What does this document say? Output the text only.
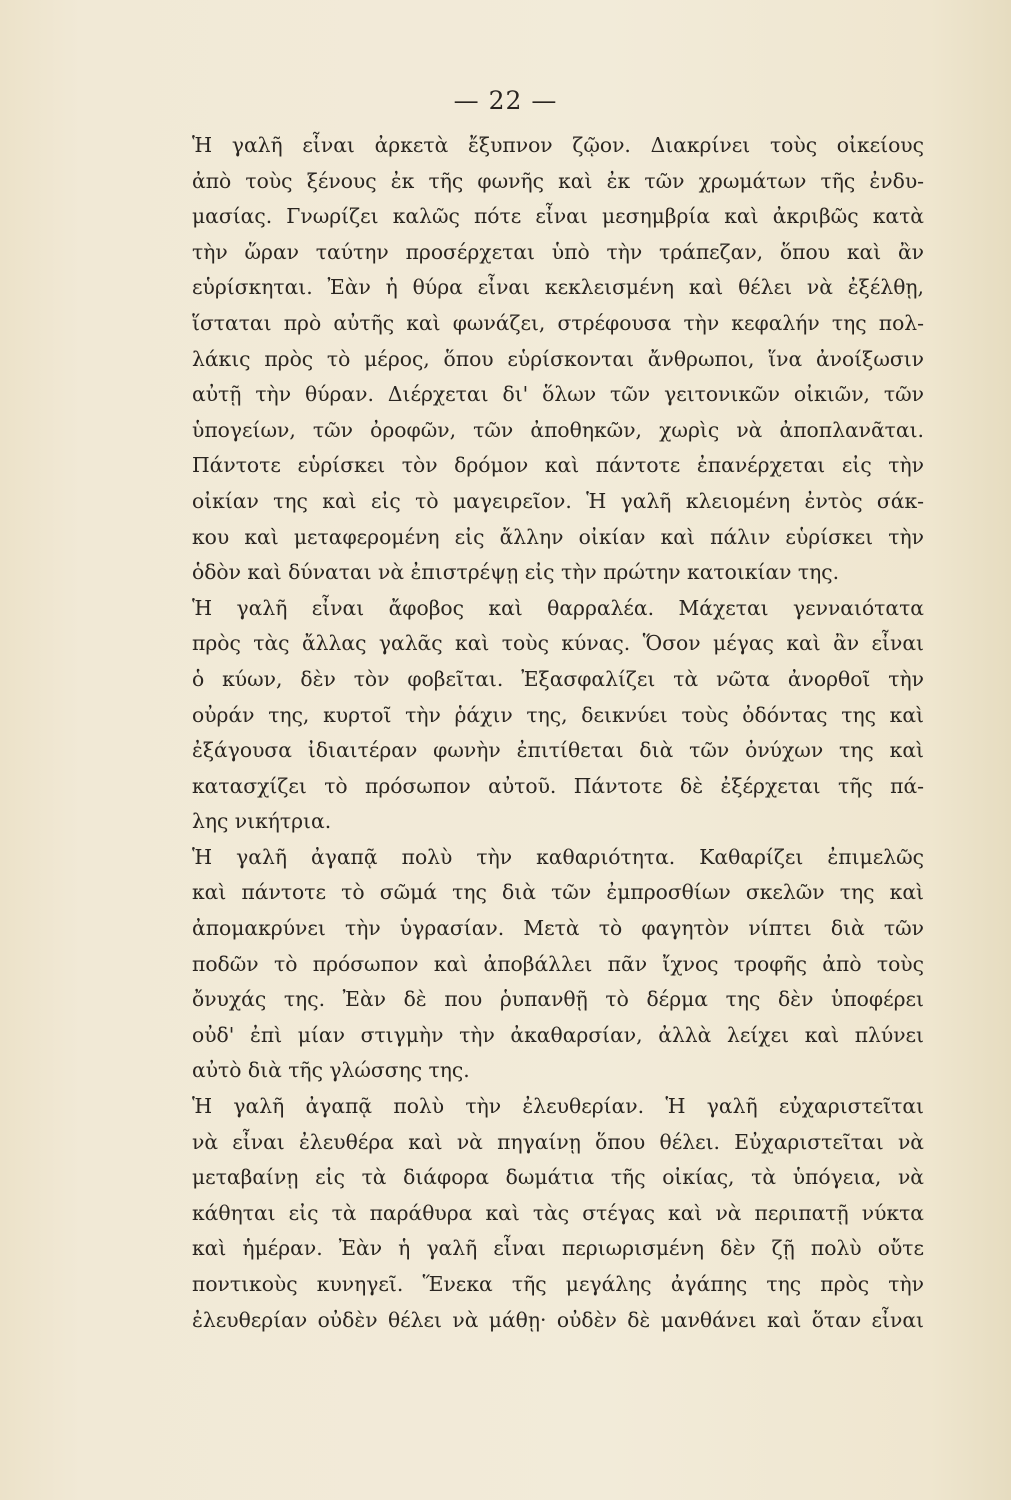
— 22 —
Ἡ γαλῆ εἶναι ἀρκετὰ ἔξυπνον ζῷον. Διακρίνει τοὺς οἰκείους
ἀπὸ τοὺς ξένους ἐκ τῆς φωνῆς καὶ ἐκ τῶν χρωμάτων τῆς ἐνδυ-
μασίας. Γνωρίζει καλῶς πότε εἶναι μεσημβρία καὶ ἀκριβῶς κατὰ
τὴν ὥραν ταύτην προσέρχεται ὑπὸ τὴν τράπεζαν, ὅπου καὶ ἂν
εὑρίσκηται. Ἐὰν ἡ θύρα εἶναι κεκλεισμένη καὶ θέλει νὰ ἐξέλθῃ,
ἵσταται πρὸ αὐτῆς καὶ φωνάζει, στρέφουσα τὴν κεφαλήν της πολ-
λάκις πρὸς τὸ μέρος, ὅπου εὑρίσκονται ἄνθρωποι, ἵνα ἀνοίξωσιν
αὐτῇ τὴν θύραν. Διέρχεται δι' ὅλων τῶν γειτονικῶν οἰκιῶν, τῶν
ὑπογείων, τῶν ὀροφῶν, τῶν ἀποθηκῶν, χωρὶς νὰ ἀποπλανᾶται.
Πάντοτε εὑρίσκει τὸν δρόμον καὶ πάντοτε ἐπανέρχεται εἰς τὴν
οἰκίαν της καὶ εἰς τὸ μαγειρεῖον. Ἡ γαλῆ κλειομένη ἐντὸς σάκ-
κου καὶ μεταφερομένη εἰς ἄλλην οἰκίαν καὶ πάλιν εὑρίσκει τὴν
ὁδὸν καὶ δύναται νὰ ἐπιστρέψῃ εἰς τὴν πρώτην κατοικίαν της.
Ἡ γαλῆ εἶναι ἄφοβος καὶ θαρραλέα. Μάχεται γενναιότατα
πρὸς τὰς ἄλλας γαλᾶς καὶ τοὺς κύνας. Ὅσον μέγας καὶ ἂν εἶναι
ὁ κύων, δὲν τὸν φοβεῖται. Ἐξασφαλίζει τὰ νῶτα ἀνορθοῖ τὴν
οὐράν της, κυρτοῖ τὴν ῥάχιν της, δεικνύει τοὺς ὀδόντας της καὶ
ἐξάγουσα ἰδιαιτέραν φωνὴν ἐπιτίθεται διὰ τῶν ὀνύχων της καὶ
κατασχίζει τὸ πρόσωπον αὐτοῦ. Πάντοτε δὲ ἐξέρχεται τῆς πά-
λης νικήτρια.
Ἡ γαλῆ ἀγαπᾷ πολὺ τὴν καθαριότητα. Καθαρίζει ἐπιμελῶς
καὶ πάντοτε τὸ σῶμά της διὰ τῶν ἐμπροσθίων σκελῶν της καὶ
ἀπομακρύνει τὴν ὑγρασίαν. Μετὰ τὸ φαγητὸν νίπτει διὰ τῶν
ποδῶν τὸ πρόσωπον καὶ ἀποβάλλει πᾶν ἴχνος τροφῆς ἀπὸ τοὺς
ὄνυχάς της. Ἐὰν δὲ που ῥυπανθῇ τὸ δέρμα της δὲν ὑποφέρει
οὐδ' ἐπὶ μίαν στιγμὴν τὴν ἀκαθαρσίαν, ἀλλὰ λείχει καὶ πλύνει
αὐτὸ διὰ τῆς γλώσσης της.
Ἡ γαλῆ ἀγαπᾷ πολὺ τὴν ἐλευθερίαν. Ἡ γαλῆ εὐχαριστεῖται
νὰ εἶναι ἐλευθέρα καὶ νὰ πηγαίνῃ ὅπου θέλει. Εὐχαριστεῖται νὰ
μεταβαίνῃ εἰς τὰ διάφορα δωμάτια τῆς οἰκίας, τὰ ὑπόγεια, νὰ
κάθηται εἰς τὰ παράθυρα καὶ τὰς στέγας καὶ νὰ περιπατῇ νύκτα
καὶ ἡμέραν. Ἐὰν ἡ γαλῆ εἶναι περιωρισμένη δὲν ζῇ πολὺ οὔτε
ποντικοὺς κυνηγεῖ. Ἕνεκα τῆς μεγάλης ἀγάπης της πρὸς τὴν
ἐλευθερίαν οὐδὲν θέλει νὰ μάθῃ· οὐδὲν δὲ μανθάνει καὶ ὅταν εἶναι
